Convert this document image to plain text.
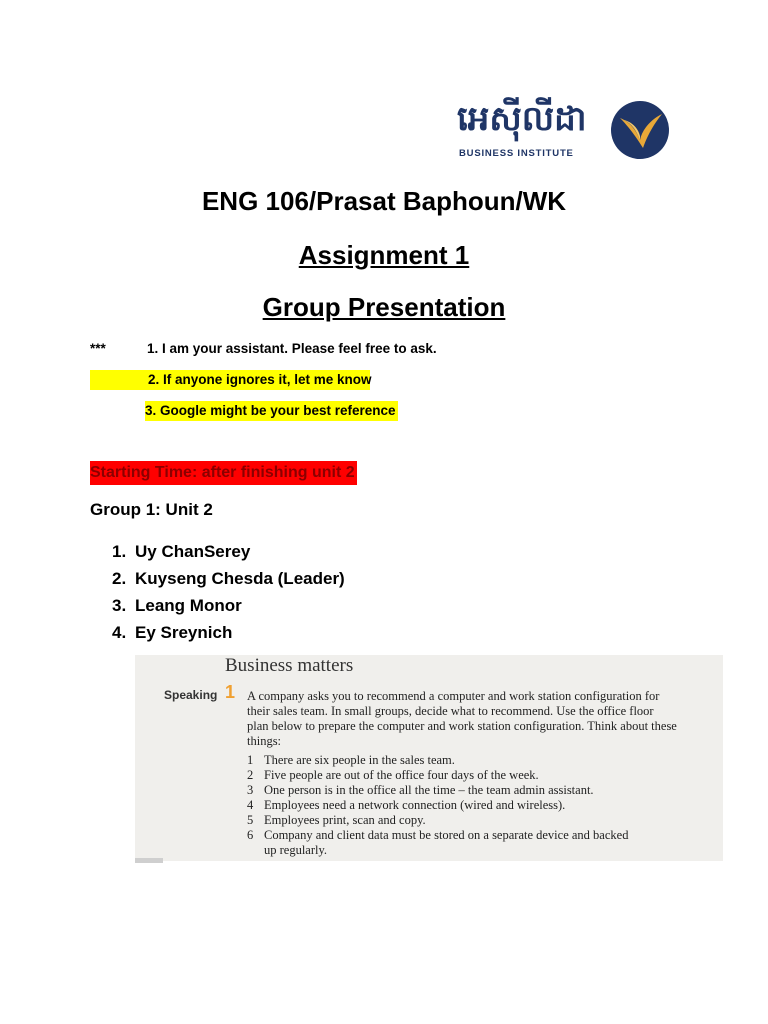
អេស៊ីលីដា
BUSINESS INSTITUTE
ENG 106/Prasat Baphoun/WK
Assignment 1
Group Presentation
***	1. I am your assistant. Please feel free to ask.
2. If anyone ignores it, let me know
3. Google might be your best reference
Starting Time: after finishing unit 2
Group 1: Unit 2
1. Uy ChanSerey
2. Kuyseng Chesda (Leader)
3. Leang Monor
4. Ey Sreynich
Business matters
Speaking 1 A company asks you to recommend a computer and work station configuration for their sales team. In small groups, decide what to recommend. Use the office floor plan below to prepare the computer and work station configuration. Think about these things:
1 There are six people in the sales team.
2 Five people are out of the office four days of the week.
3 One person is in the office all the time – the team admin assistant.
4 Employees need a network connection (wired and wireless).
5 Employees print, scan and copy.
6 Company and client data must be stored on a separate device and backed
up regularly.
